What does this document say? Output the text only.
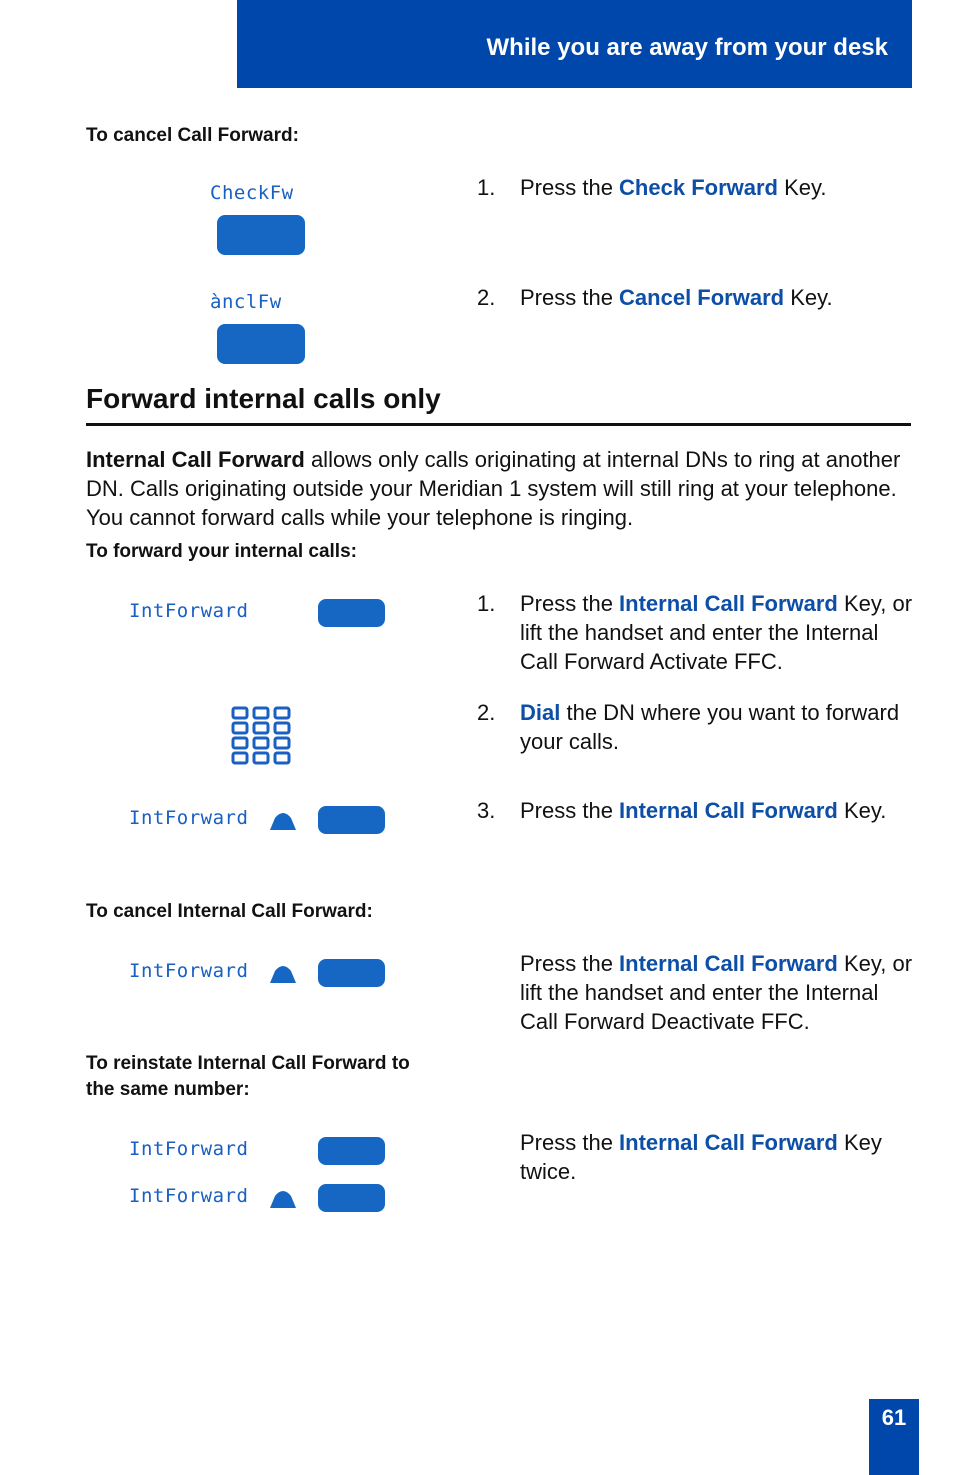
While you are away from your desk
To cancel Call Forward:
CheckFw
ànclFw
1. Press the Check Forward Key.
2. Press the Cancel Forward Key.
Forward internal calls only
Internal Call Forward allows only calls originating at internal DNs to ring at another DN. Calls originating outside your Meridian 1 system will still ring at your telephone. You cannot forward calls while your telephone is ringing.
To forward your internal calls:
IntForward	1. Press the Internal Call Forward Key, or lift the handset and enter the Internal Call Forward Activate FFC.
2. Dial the DN where you want to forward your calls.
IntForward	3. Press the Internal Call Forward Key.
To cancel Internal Call Forward:
IntForward	Press the Internal Call Forward Key, or lift the handset and enter the Internal Call Forward Deactivate FFC.
To reinstate Internal Call Forward to the same number:
IntForward
IntForward
Press the Internal Call Forward Key twice.
61
